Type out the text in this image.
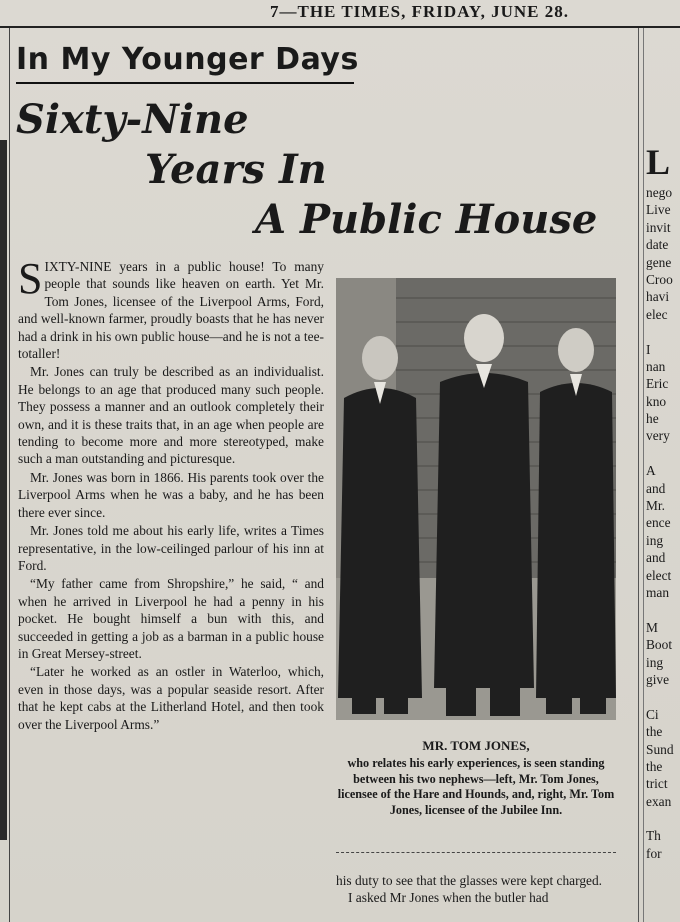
7—THE TIMES, FRIDAY, JUNE 28.
In My Younger Days
Sixty-Nine
Years In
A Public House

SIXTY-NINE years in a public house! To many people that sounds like heaven on earth. Yet Mr. Tom Jones, licensee of the Liverpool Arms, Ford, and well-known farmer, proudly boasts that he has never had a drink in his own public house—and he is not a tee-totaller!

Mr. Jones can truly be described as an individualist. He belongs to an age that produced many such people. They possess a manner and an outlook completely their own, and it is these traits that, in an age when people are tending to become more and more stereotyped, make such a man outstanding and picturesque.

Mr. Jones was born in 1866. His parents took over the Liverpool Arms when he was a baby, and he has been there ever since.

Mr. Jones told me about his early life, writes a Times representative, in the low-ceilinged parlour of his inn at Ford.

“My father came from Shropshire,” he said, “ and when he arrived in Liverpool he had a penny in his pocket. He bought himself a bun with this, and succeeded in getting a job as a barman in a public house in Great Mersey-street.

“Later he worked as an ostler in Waterloo, which, even in those days, was a popular seaside resort. After that he kept cabs at the Litherland Hotel, and then took over the Liverpool Arms.”

MR. TOM JONES,
who relates his early experiences, is seen standing between his two nephews—left, Mr. Tom Jones, licensee of the Hare and Hounds, and, right, Mr. Tom Jones, licensee of the Jubilee Inn.

his duty to see that the glasses were kept charged.

I asked Mr Jones when the butler had

L
nego
Live
invit
date
gene
Croo
havi
elec
I
nan
Eric
kno
he
very
A
and
Mr.
ence
ing
and
elect
man
M
Boot
ing
give
Ci
the
Sund
the
trict
exan
Th
for
